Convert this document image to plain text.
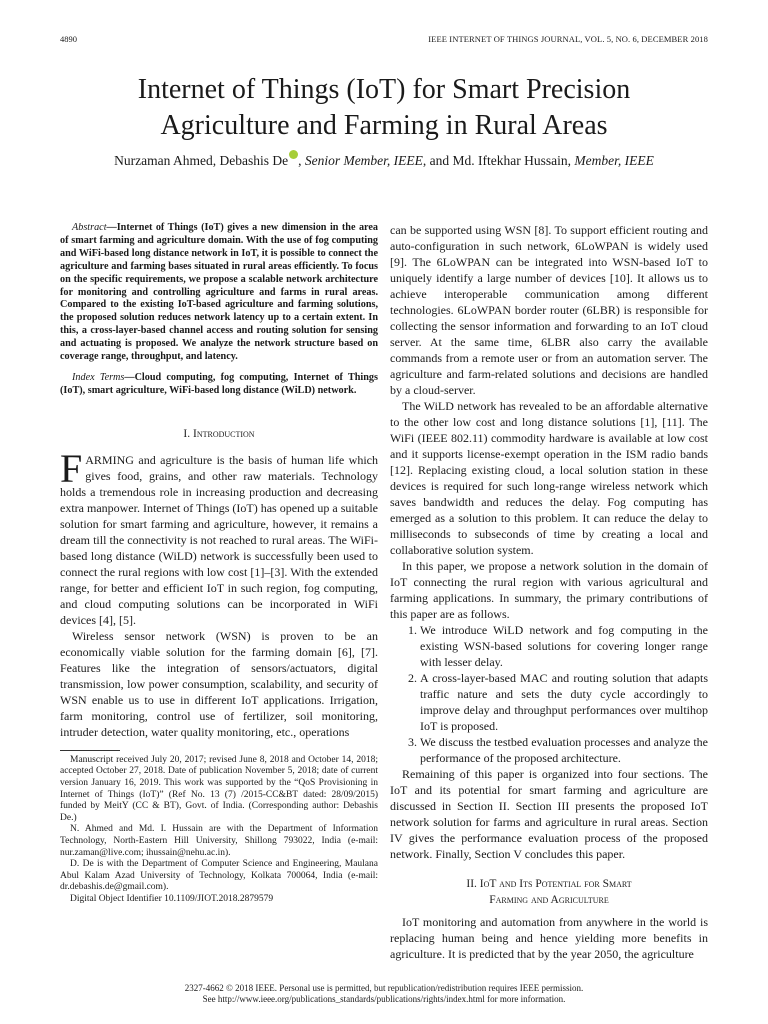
4890	IEEE INTERNET OF THINGS JOURNAL, VOL. 5, NO. 6, DECEMBER 2018
Internet of Things (IoT) for Smart Precision
Agriculture and Farming in Rural Areas
Nurzaman Ahmed, Debashis De , Senior Member, IEEE, and Md. Iftekhar Hussain, Member, IEEE
Abstract—Internet of Things (IoT) gives a new dimension in the area of smart farming and agriculture domain. With the use of fog computing and WiFi-based long distance network in IoT, it is possible to connect the agriculture and farming bases situated in rural areas efficiently. To focus on the specific requirements, we propose a scalable network architecture for monitoring and controlling agriculture and farms in rural areas. Compared to the existing IoT-based agriculture and farming solutions, the proposed solution reduces network latency up to a certain extent. In this, a cross-layer-based channel access and routing solution for sensing and actuating is proposed. We analyze the network structure based on coverage range, throughput, and latency.
Index Terms—Cloud computing, fog computing, Internet of Things (IoT), smart agriculture, WiFi-based long distance (WiLD) network.
I. Introduction

FARMING and agriculture is the basis of human life which gives food, grains, and other raw materials. Technology holds a tremendous role in increasing production and decreasing extra manpower. Internet of Things (IoT) has opened up a suitable solution for smart farming and agriculture, however, it remains a dream till the connectivity is not reached to rural areas. The WiFi-based long distance (WiLD) network is successfully been used to connect the rural regions with low cost [1]–[3]. With the extended range, for better and efficient IoT in such region, fog computing, and cloud computing solutions can be incorporated in WiFi devices [4], [5].

Wireless sensor network (WSN) is proven to be an economically viable solution for the farming domain [6], [7]. Features like the integration of sensors/actuators, digital transmission, low power consumption, scalability, and security of WSN enable us to use in different IoT applications. Irrigation, farm monitoring, control use of fertilizer, soil monitoring, intruder detection, water quality monitoring, etc., operations

Manuscript received July 20, 2017; revised June 8, 2018 and October 14, 2018; accepted October 27, 2018. Date of publication November 5, 2018; date of current version January 16, 2019. This work was supported by the “QoS Provisioning in Internet of Things (IoT)” (Ref No. 13 (7) /2015-CC&BT dated: 28/09/2015) funded by MeitY (CC & BT), Govt. of India. (Corresponding author: Debashis De.)

N. Ahmed and Md. I. Hussain are with the Department of Information Technology, North-Eastern Hill University, Shillong 793022, India (e-mail: nur.zaman@live.com; ihussain@nehu.ac.in).

D. De is with the Department of Computer Science and Engineering, Maulana Abul Kalam Azad University of Technology, Kolkata 700064, India (e-mail: dr.debashis.de@gmail.com).

Digital Object Identifier 10.1109/JIOT.2018.2879579

can be supported using WSN [8]. To support efficient routing and auto-configuration in such network, 6LoWPAN is widely used [9]. The 6LoWPAN can be integrated into WSN-based IoT to uniquely identify a large number of devices [10]. It allows us to achieve interoperable communication among different technologies. 6LoWPAN border router (6LBR) is responsible for collecting the sensor information and forwarding to an IoT cloud server. At the same time, 6LBR also carry the available commands from a remote user or from an automation server. The agriculture and farm-related solutions and decisions are handled by a cloud-server.

The WiLD network has revealed to be an affordable alternative to the other low cost and long distance solutions [1], [11]. The WiFi (IEEE 802.11) commodity hardware is available at low cost and it supports license-exempt operation in the ISM radio bands [12]. Replacing existing cloud, a local solution station in these devices is required for such long-range wireless network which saves bandwidth and reduces the delay. Fog computing has emerged as a solution to this problem. It can reduce the delay to milliseconds to subseconds of time by creating a local and collaborative solution system.

In this paper, we propose a network solution in the domain of IoT connecting the rural region with various agricultural and farming applications. In summary, the primary contributions of this paper are as follows.

1. We introduce WiLD network and fog computing in the existing WSN-based solutions for covering longer range with lesser delay.
2. A cross-layer-based MAC and routing solution that adapts traffic nature and sets the duty cycle accordingly to improve delay and throughput performances over multihop IoT is proposed.
3. We discuss the testbed evaluation processes and analyze the performance of the proposed architecture.

Remaining of this paper is organized into four sections. The IoT and its potential for smart farming and agriculture are discussed in Section II. Section III presents the proposed IoT network solution for farms and agriculture in rural areas. Section IV gives the performance evaluation process of the proposed network. Finally, Section V concludes this paper.

II. IoT and Its Potential for Smart
Farming and Agriculture

IoT monitoring and automation from anywhere in the world is replacing human being and hence yielding more benefits in agriculture. It is predicted that by the year 2050, the agriculture

2327-4662 © 2018 IEEE. Personal use is permitted, but republication/redistribution requires IEEE permission.
See http://www.ieee.org/publications_standards/publications/rights/index.html for more information.
